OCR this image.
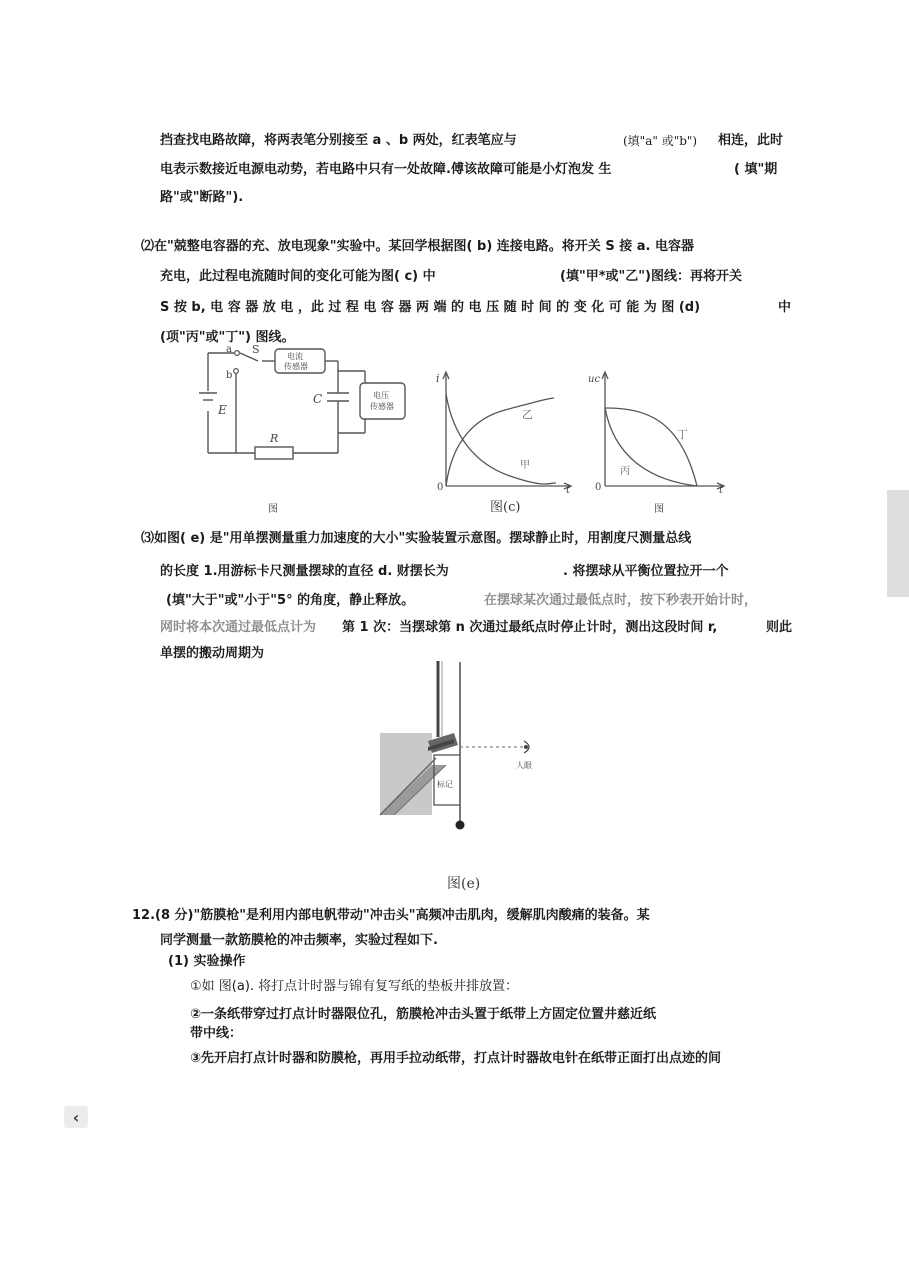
挡查找电路故障，将两表笔分别接至 a 、b 两处，红表笔应与	(填"a" 或"b") 相连，此时
电表示数接近电源电动势，若电路中只有一处故障.傅该故障可能是小灯泡发 生	( 填"期
路"或"断路").
⑵在"兢整电容器的充、放电现象"实验中。某回学根据图( b) 连接电路。将开关 S 接 a. 电容器
充电，此过程电流随时间的变化可能为图( c) 中	(填"甲*或"乙")图线：再将开关
S 按 b, 电 容 器 放 电 ，此 过 程 电 容 器 两 端 的 电 压 随 时 间 的 变 化 可 能 为 图 (d)	中
(项"丙"或"丁") 图线。
S
a
b
E
C
R
电流
传感器
电压
传感器
图
i
t
0
乙
甲
图(c)
uc
t
0
丁
丙
图
⑶如图( e) 是"用单摆测量重力加速度的大小"实验装置示意图。摆球静止时，用割度尺测量总线
的长度 1.用游标卡尺测量摆球的直径 d. 财摆长为	. 将摆球从平衡位置拉开一个
(填"大于"或"小于"5° 的角度，静止释放。	在摆球某次通过最低点时，按下秒表开始计时，
网时将本次通过最低点计为 第 1 次：当摆球第 n 次通过最纸点时停止计时，测出这段时间 r,	则此
单摆的搬动周期为
人眼
标记
图(e)
12.(8 分)"筋膜枪"是利用内部电帆带动"冲击头"高频冲击肌肉，缓解肌肉酸痛的装备。某
同学测量一款筋膜枪的冲击频率，实验过程如下.
(1) 实验操作
①如 图(a). 将打点计时器与锦有复写纸的垫板井排放置：
②一条纸带穿过打点计时器限位孔，筋膜枪冲击头置于纸带上方固定位置井慈近纸
带中线：
③先开启打点计时器和防膜枪，再用手拉动纸带，打点计时器故电针在纸带正面打出点迹的间
‹
